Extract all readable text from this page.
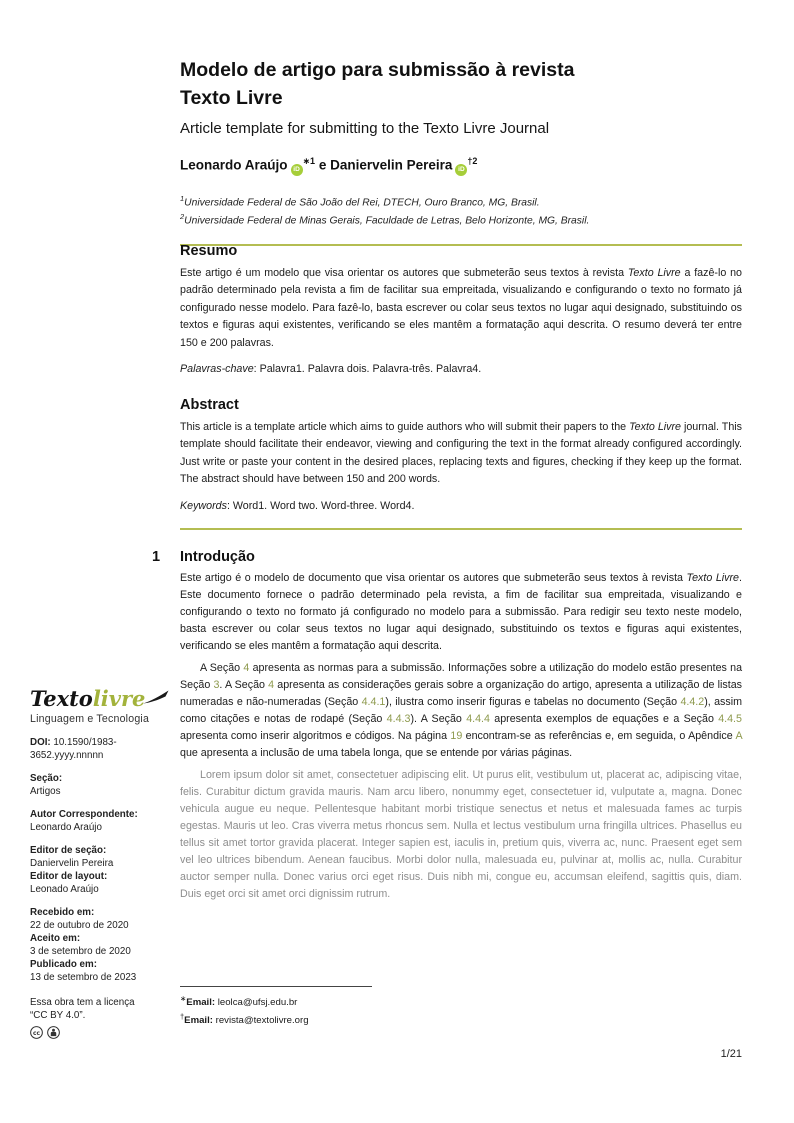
Modelo de artigo para submissão à revista
Texto Livre
Article template for submitting to the Texto Livre Journal
Leonardo Araújo $iD^{∗1}$ e Daniervelin Pereira $iD^{\dagger 2}$
$^1$Universidade Federal de São João del Rei, DTECH, Ouro Branco, MG, Brasil.
$^2$Universidade Federal de Minas Gerais, Faculdade de Letras, Belo Horizonte, MG, Brasil.
Resumo
Este artigo é um modelo que visa orientar os autores que submeterão seus textos à revista Texto Livre a fazê-lo no padrão determinado pela revista a fim de facilitar sua empreitada, visualizando e configurando o texto no formato já configurado nesse modelo. Para fazê-lo, basta escrever ou colar seus textos no lugar aqui designado, substituindo os textos e figuras aqui existentes, verificando se eles mantêm a formatação aqui descrita. O resumo deverá ter entre 150 e 200 palavras.
Palavras-chave: Palavra1. Palavra dois. Palavra-três. Palavra4.
Abstract
This article is a template article which aims to guide authors who will submit their papers to the Texto Livre journal. This template should facilitate their endeavor, viewing and configuring the text in the format already configured accordingly. Just write or paste your content in the desired places, replacing texts and figures, checking if they keep up the format. The abstract should have between 150 and 200 words.
Keywords: Word1. Word two. Word-three. Word4.
1 Introdução
Este artigo é o modelo de documento que visa orientar os autores que submeterão seus textos à revista Texto Livre. Este documento fornece o padrão determinado pela revista, a fim de facilitar sua empreitada, visualizando e configurando o texto no formato já configurado no modelo para a submissão. Para redigir seu texto neste modelo, basta escrever ou colar seus textos no lugar aqui designado, substituindo os textos e figuras aqui existentes, verificando se eles mantêm a formatação aqui descrita.
A Seção 4 apresenta as normas para a submissão. Informações sobre a utilização do modelo estão presentes na Seção 3. A Seção 4 apresenta as considerações gerais sobre a organização do artigo, apresenta a utilização de listas numeradas e não-numeradas (Seção 4.4.1), ilustra como inserir figuras e tabelas no documento (Seção 4.4.2), assim como citações e notas de rodapé (Seção 4.4.3). A Seção 4.4.4 apresenta exemplos de equações e a Seção 4.4.5 apresenta como inserir algoritmos e códigos. Na página 19 encontram-se as referências e, em seguida, o Apêndice A que apresenta a inclusão de uma tabela longa, que se entende por várias páginas.
Lorem ipsum dolor sit amet, consectetuer adipiscing elit. Ut purus elit, vestibulum ut, placerat ac, adipiscing vitae, felis. Curabitur dictum gravida mauris. Nam arcu libero, nonummy eget, consectetuer id, vulputate a, magna. Donec vehicula augue eu neque. Pellentesque habitant morbi tristique senectus et netus et malesuada fames ac turpis egestas. Mauris ut leo. Cras viverra metus rhoncus sem. Nulla et lectus vestibulum urna fringilla ultrices. Phasellus eu tellus sit amet tortor gravida placerat. Integer sapien est, iaculis in, pretium quis, viverra ac, nunc. Praesent eget sem vel leo ultrices bibendum. Aenean faucibus. Morbi dolor nulla, malesuada eu, pulvinar at, mollis ac, nulla. Curabitur auctor semper nulla. Donec varius orci eget risus. Duis nibh mi, congue eu, accumsan eleifend, sagittis quis, diam. Duis eget orci sit amet orci dignissim rutrum.
∗Email: leolca@ufsj.edu.br
†Email: revista@textolivre.org
1/21
Textolivre
Linguagem e Tecnologia
DOI: 10.1590/1983-3652.yyyy.nnnnn
Seção:
Artigos
Autor Correspondente:
Leonardo Araújo
Editor de seção:
Daniervelin Pereira
Editor de layout:
Leonado Araújo
Recebido em:
22 de outubro de 2020
Aceito em:
3 de setembro de 2020
Publicado em:
13 de setembro de 2023
Essa obra tem a licença
“CC BY 4.0”.
cc
